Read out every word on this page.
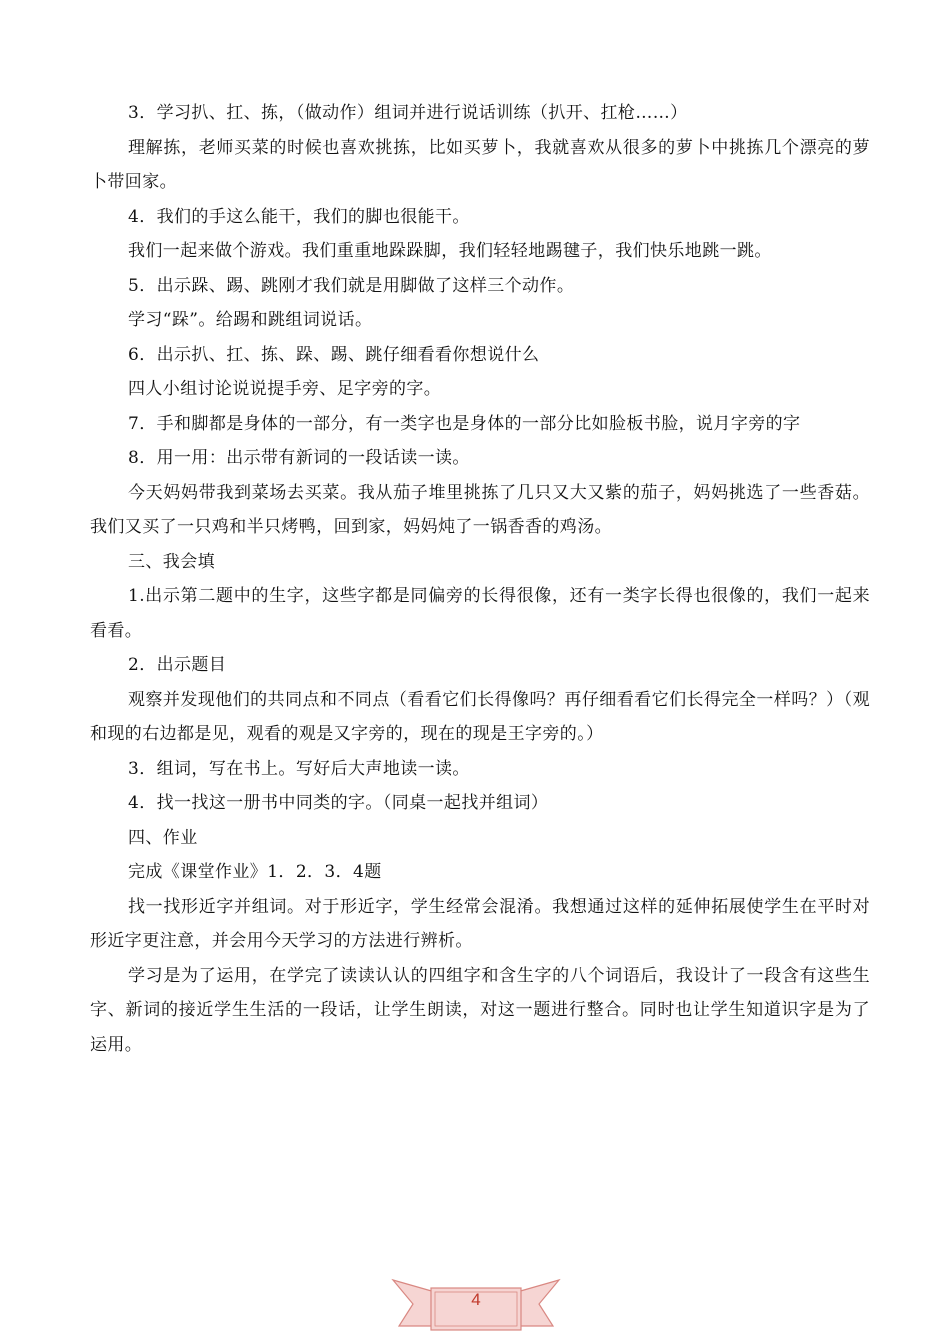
3．学习扒、扛、拣，（做动作）组词并进行说话训练（扒开、扛枪……）

理解拣，老师买菜的时候也喜欢挑拣，比如买萝卜，我就喜欢从很多的萝卜中挑拣几个漂亮的萝卜带回家。

4．我们的手这么能干，我们的脚也很能干。

我们一起来做个游戏。我们重重地跺跺脚，我们轻轻地踢毽子，我们快乐地跳一跳。

5．出示跺、踢、跳刚才我们就是用脚做了这样三个动作。

学习“跺”。给踢和跳组词说话。

6．出示扒、扛、拣、跺、踢、跳仔细看看你想说什么

四人小组讨论说说提手旁、足字旁的字。

7．手和脚都是身体的一部分，有一类字也是身体的一部分比如脸板书脸，说月字旁的字

8．用一用：出示带有新词的一段话读一读。

今天妈妈带我到菜场去买菜。我从茄子堆里挑拣了几只又大又紫的茄子，妈妈挑选了一些香菇。我们又买了一只鸡和半只烤鸭，回到家，妈妈炖了一锅香香的鸡汤。

三、我会填

1.出示第二题中的生字，这些字都是同偏旁的长得很像，还有一类字长得也很像的，我们一起来看看。

2．出示题目

观察并发现他们的共同点和不同点（看看它们长得像吗？再仔细看看它们长得完全一样吗？）（观和现的右边都是见，观看的观是又字旁的，现在的现是王字旁的。）

3．组词，写在书上。写好后大声地读一读。

4．找一找这一册书中同类的字。（同桌一起找并组词）

四、作业

完成《课堂作业》1．2．3．4题

找一找形近字并组词。对于形近字，学生经常会混淆。我想通过这样的延伸拓展使学生在平时对形近字更注意，并会用今天学习的方法进行辨析。

学习是为了运用，在学完了读读认认的四组字和含生字的八个词语后，我设计了一段含有这些生字、新词的接近学生生活的一段话，让学生朗读，对这一题进行整合。同时也让学生知道识字是为了运用。

4
